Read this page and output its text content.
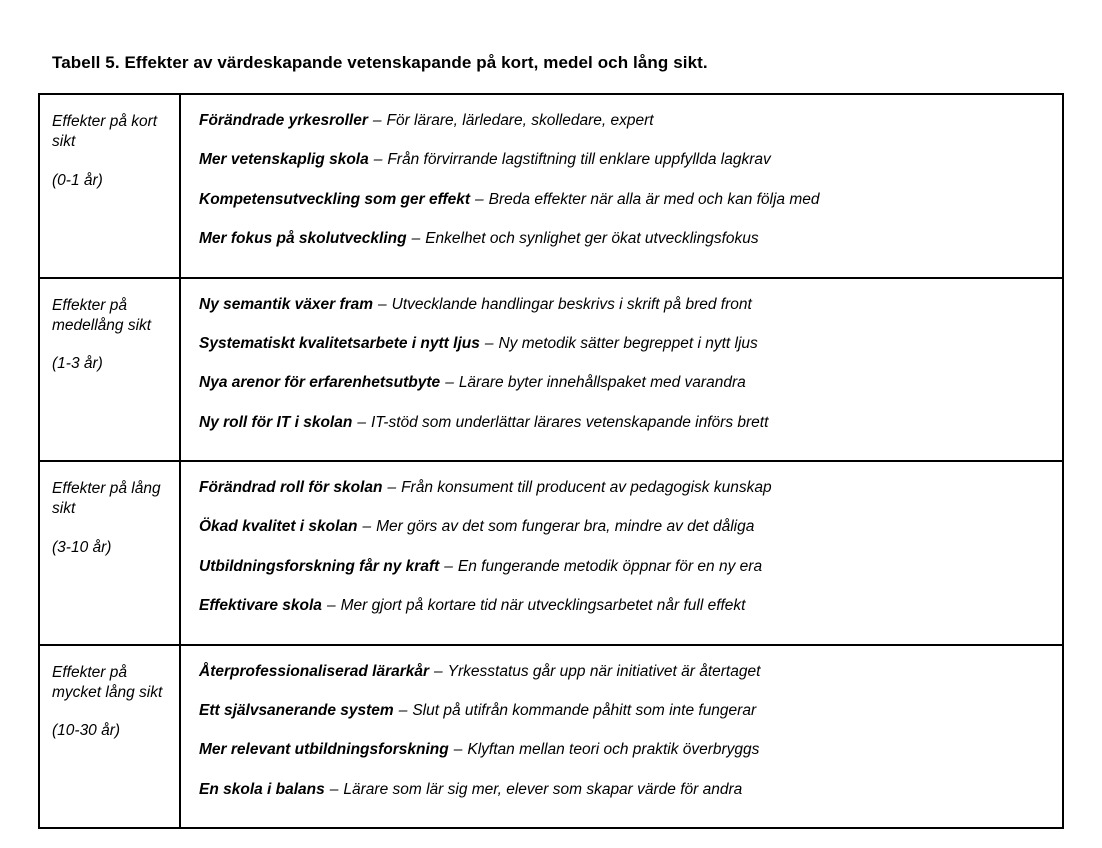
Tabell 5. Effekter av värdeskapande vetenskapande på kort, medel och lång sikt.
Effekter på kort sikt
(0-1 år)

Förändrade yrkesroller – För lärare, lärledare, skolledare, expert

Mer vetenskaplig skola – Från förvirrande lagstiftning till enklare uppfyllda lagkrav

Kompetensutveckling som ger effekt – Breda effekter när alla är med och kan följa med

Mer fokus på skolutveckling – Enkelhet och synlighet ger ökat utvecklingsfokus

Effekter på medellång sikt
(1-3 år)

Ny semantik växer fram – Utvecklande handlingar beskrivs i skrift på bred front

Systematiskt kvalitetsarbete i nytt ljus – Ny metodik sätter begreppet i nytt ljus

Nya arenor för erfarenhetsutbyte – Lärare byter innehållspaket med varandra

Ny roll för IT i skolan – IT-stöd som underlättar lärares vetenskapande införs brett

Effekter på lång sikt
(3-10 år)

Förändrad roll för skolan – Från konsument till producent av pedagogisk kunskap

Ökad kvalitet i skolan – Mer görs av det som fungerar bra, mindre av det dåliga

Utbildningsforskning får ny kraft – En fungerande metodik öppnar för en ny era

Effektivare skola – Mer gjort på kortare tid när utvecklingsarbetet når full effekt

Effekter på mycket lång sikt
(10-30 år)

Återprofessionaliserad lärarkår – Yrkesstatus går upp när initiativet är återtaget

Ett självsanerande system – Slut på utifrån kommande påhitt som inte fungerar

Mer relevant utbildningsforskning – Klyftan mellan teori och praktik överbryggs

En skola i balans – Lärare som lär sig mer, elever som skapar värde för andra
